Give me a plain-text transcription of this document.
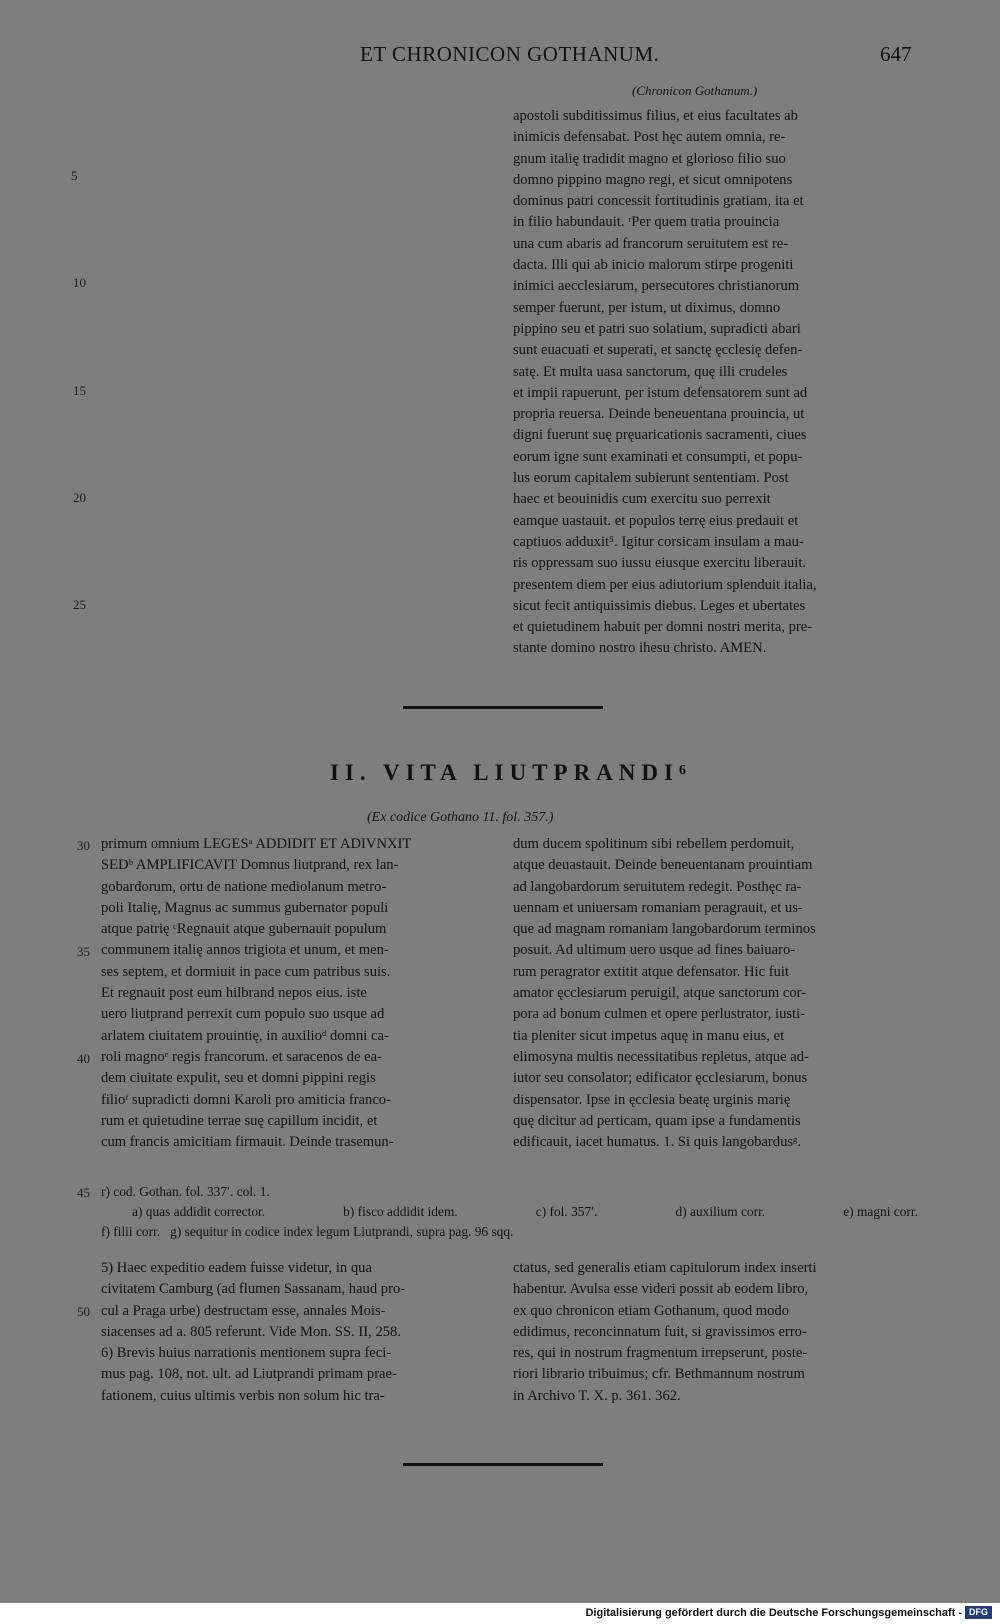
ET CHRONICON GOTHANUM.	647
(Chronicon Gothanum.)

apostoli subditissimus filius, et eius facultates ab

inimicis defensabat. Post hęc autem omnia, re-

gnum italię tradidit magno et glorioso filio suo

domno pippino magno regi, et sicut omnipotens

dominus patri concessit fortitudinis gratiam, ita et

in filio habundauit. ʳPer quem tratia prouincia

una cum abaris ad francorum seruitutem est re-

dacta. Illi qui ab inicio malorum stirpe progeniti

inimici aecclesiarum, persecutores christianorum

semper fuerunt, per istum, ut diximus, domno

pippino seu et patri suo solatium, supradicti abari

sunt euacuati et superati, et sanctę ęcclesię defen-

satę. Et multa uasa sanctorum, quę illi crudeles

et impii rapuerunt, per istum defensatorem sunt ad

propria reuersa. Deinde beneuentana prouincia, ut

digni fuerunt suę pręuaricationis sacramenti, ciues

eorum igne sunt examinati et consumpti, et popu-

lus eorum capitalem subierunt sententiam. Post

haec et beouinidis cum exercitu suo perrexit

eamque uastauit. et populos terrę eius predauit et

captiuos adduxit⁵. Igitur corsicam insulam a mau-

ris oppressam suo iussu eiusque exercitu liberauit.

presentem diem per eius adiutorium splenduit italia,

sicut fecit antiquissimis diebus. Leges et ubertates

et quietudinem habuit per domni nostri merita, pre-

stante domino nostro ihesu christo. AMEN.

5
10
15
20
25
II. VITA LIUTPRANDI⁶
(Ex codice Gothano 11. fol. 357.)

primum omnium LEGESᵃ ADDIDIT ET ADIVNXIT

SEDᵇ AMPLIFICAVIT Domnus liutprand, rex lan-

gobardorum, ortu de natione mediolanum metro-

poli Italię, Magnus ac summus gubernator populi

atque patrię ᶜRegnauit atque gubernauit populum

communem italię annos trigiota et unum, et men-

ses septem, et dormiuit in pace cum patribus suis.

Et regnauit post eum hilbrand nepos eius. iste

uero liutprand perrexit cum populo suo usque ad

arlatem ciuitatem prouintię, in auxilioᵈ domni ca-

roli magnoᵉ regis francorum. et saracenos de ea-

dem ciuitate expulit, seu et domni pippini regis

filioᶠ supradicti domni Karoli pro amiticia franco-

rum et quietudine terrae suę capillum incidit, et

cum francis amicitiam firmauit. Deinde trasemun-

dum ducem spolitinum sibi rebellem perdomuit,

atque deuastauit. Deinde beneuentanam prouintiam

ad langobardorum seruitutem redegit. Posthęc ra-

uennam et uniuersam romaniam peragrauit, et us-

que ad magnam romaniam langobardorum terminos

posuit. Ad ultimum uero usque ad fines baiuaro-

rum peragrator extitit atque defensator. Hic fuit

amator ęcclesiarum peruigil, atque sanctorum cor-

pora ad bonum culmen et opere perlustrator, iusti-

tia pleniter sicut impetus aquę in manu eius, et

elimosyna multis necessitatibus repletus, atque ad-

iutor seu consolator; edificator ęcclesiarum, bonus

dispensator. Ipse in ęcclesia beatę urginis marię

quę dicitur ad perticam, quam ipse a fundamentis

edificauit, iacet humatus. 1. Si quis langobardusᵍ.

30
35
40
45 r) cod. Gothan. fol. 337ʹ. col. 1.
a) quas addidit corrector.	b) fisco addidit idem.	c) fol. 357ʹ.	d) auxilium corr.	e) magni corr.
f) filii corr.   g) sequitur in codice index legum Liutprandi, supra pag. 96 sqq.
50

5) Haec expeditio eadem fuisse videtur, in qua

civitatem Camburg (ad flumen Sassanam, haud pro-

cul a Praga urbe) destructam esse, annales Mois-

siacenses ad a. 805 referunt. Vide Mon. SS. II, 258.

6) Brevis huius narrationis mentionem supra feci-

mus pag. 108, not. ult. ad Liutprandi primam prae-

fationem, cuius ultimis verbis non solum hic tra-

ctatus, sed generalis etiam capitulorum index inserti

habentur. Avulsa esse videri possit ab eodem libro,

ex quo chronicon etiam Gothanum, quod modo

edidimus, reconcinnatum fuit, si gravissimos erro-

res, qui in nostrum fragmentum irrepserunt, poste-

riori librario tribuimus; cfr. Bethmannum nostrum

in Archivo T. X. p. 361. 362.

Digitalisierung gefördert durch die Deutsche Forschungsgemeinschaft - DFG
